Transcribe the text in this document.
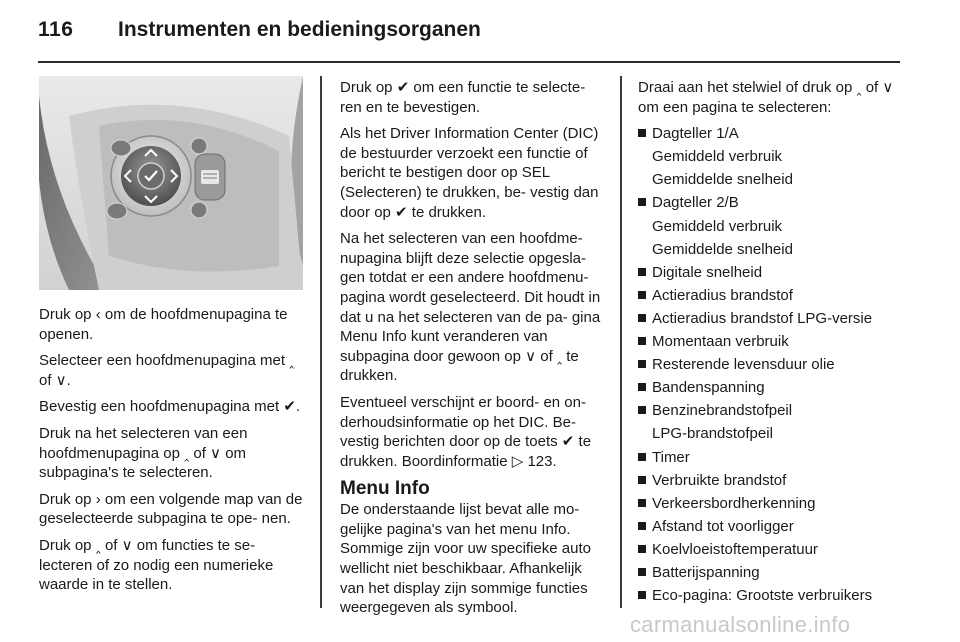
116 Instrumenten en bedieningsorganen

Druk op ‹ om de hoofdmenupagina te openen.

Selecteer een hoofdmenupagina met ‸ of ∨.

Bevestig een hoofdmenupagina met ✔.

Druk na het selecteren van een hoofdmenupagina op ‸ of ∨ om subpagina's te selecteren.

Druk op › om een volgende map van de geselecteerde subpagina te ope- nen.

Druk op ‸ of ∨ om functies te se- lecteren of zo nodig een numerieke waarde in te stellen.

Druk op ✔ om een functie te selecte- ren en te bevestigen.

Als het Driver Information Center (DIC) de bestuurder verzoekt een functie of bericht te bestigen door op SEL (Selecteren) te drukken, be- vestig dan door op ✔ te drukken.

Na het selecteren van een hoofdme- nupagina blijft deze selectie opgesla- gen totdat er een andere hoofdmenu- pagina wordt geselecteerd. Dit houdt in dat u na het selecteren van de pa- gina Menu Info kunt veranderen van subpagina door gewoon op ∨ of ‸ te drukken.

Eventueel verschijnt er boord- en on- derhoudsinformatie op het DIC. Be- vestig berichten door op de toets ✔ te drukken. Boordinformatie ▷ 123.

Menu Info

De onderstaande lijst bevat alle mo- gelijke pagina's van het menu Info. Sommige zijn voor uw specifieke auto wellicht niet beschikbaar. Afhankelijk van het display zijn sommige functies weergegeven als symbool.

Draai aan het stelwiel of druk op ‸ of ∨ om een pagina te selecteren:

Dagteller 1/A
Gemiddeld verbruik
Gemiddelde snelheid
Dagteller 2/B
Gemiddeld verbruik
Gemiddelde snelheid
Digitale snelheid
Actieradius brandstof
Actieradius brandstof LPG-versie
Momentaan verbruik
Resterende levensduur olie
Bandenspanning
Benzinebrandstofpeil
LPG-brandstofpeil
Timer
Verbruikte brandstof
Verkeersbordherkenning
Afstand tot voorligger
Koelvloeistoftemperatuur
Batterijspanning
Eco-pagina: Grootste verbruikers
carmanualsonline.info
